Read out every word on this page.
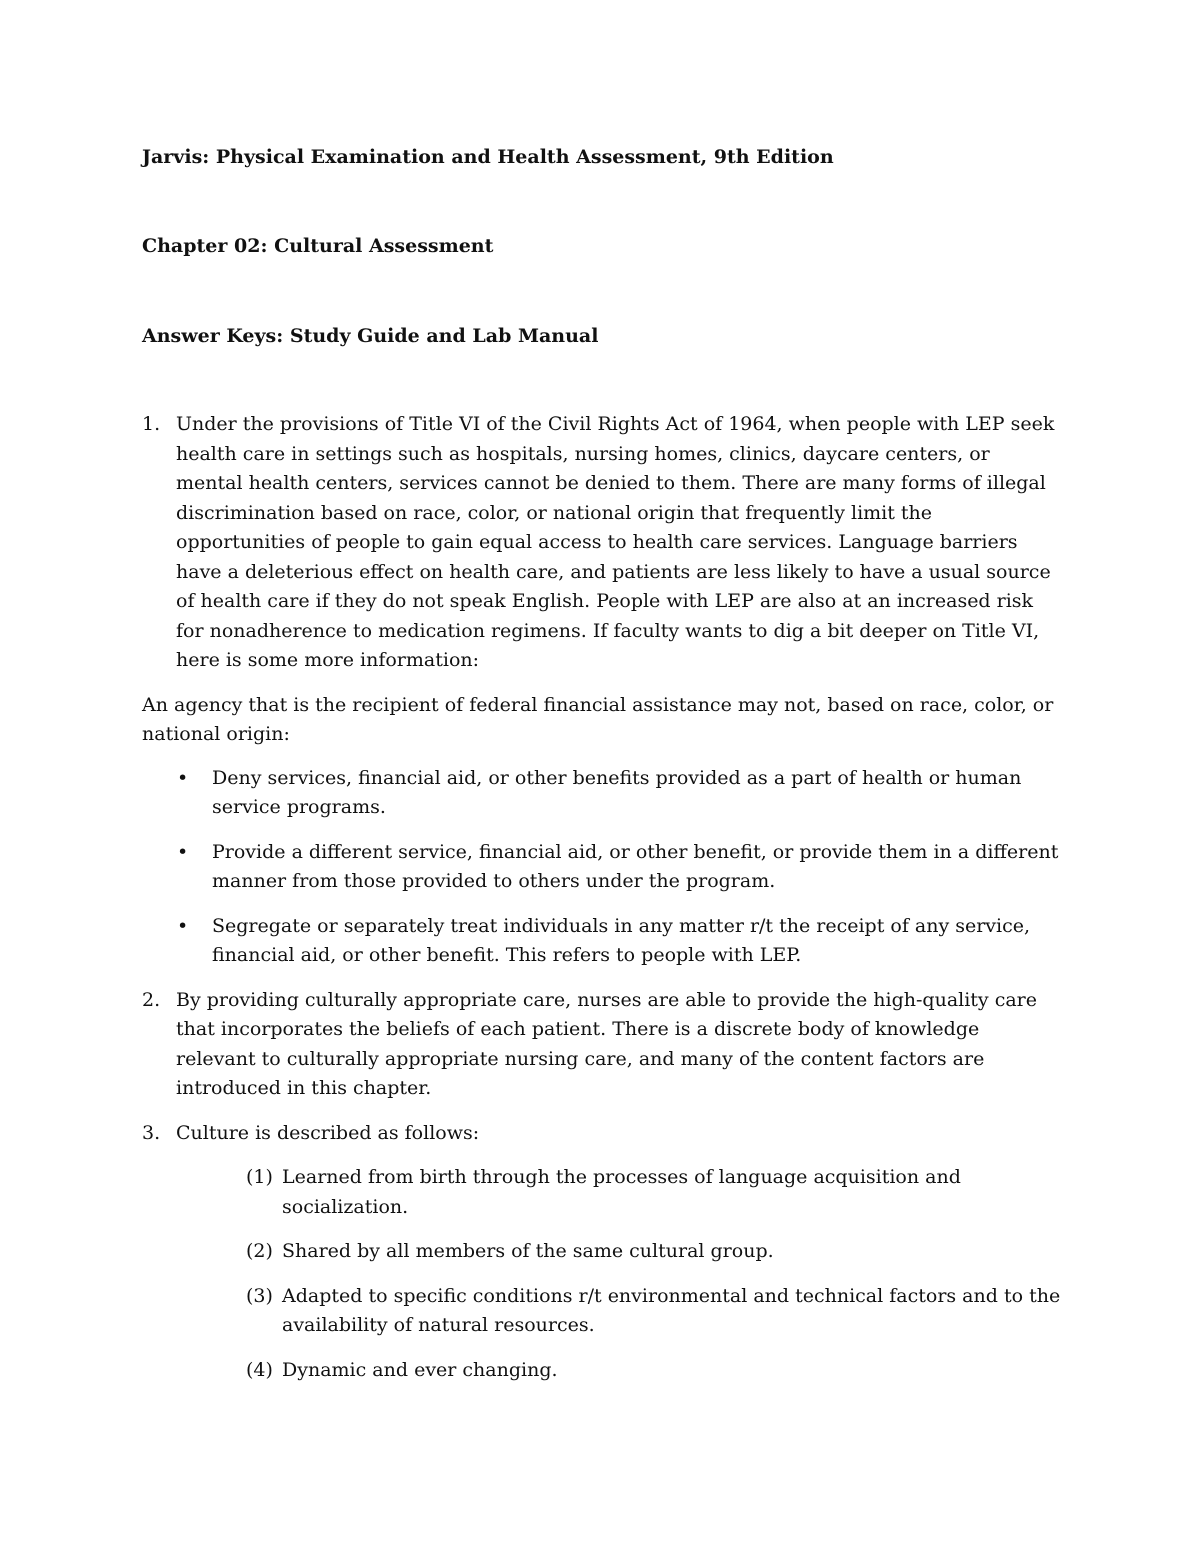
Jarvis: Physical Examination and Health Assessment, 9th Edition

Chapter 02: Cultural Assessment

Answer Keys: Study Guide and Lab Manual

1. Under the provisions of Title VI of the Civil Rights Act of 1964, when people with LEP seek health care in settings such as hospitals, nursing homes, clinics, daycare centers, or mental health centers, services cannot be denied to them. There are many forms of illegal discrimination based on race, color, or national origin that frequently limit the opportunities of people to gain equal access to health care services. Language barriers have a deleterious effect on health care, and patients are less likely to have a usual source of health care if they do not speak English. People with LEP are also at an increased risk for nonadherence to medication regimens. If faculty wants to dig a bit deeper on Title VI, here is some more information:

An agency that is the recipient of federal financial assistance may not, based on race, color, or national origin:

• Deny services, financial aid, or other benefits provided as a part of health or human service programs.
• Provide a different service, financial aid, or other benefit, or provide them in a different manner from those provided to others under the program.
• Segregate or separately treat individuals in any matter r/t the receipt of any service, financial aid, or other benefit. This refers to people with LEP.
2. By providing culturally appropriate care, nurses are able to provide the high-quality care that incorporates the beliefs of each patient. There is a discrete body of knowledge relevant to culturally appropriate nursing care, and many of the content factors are introduced in this chapter.
3. Culture is described as follows:
(1) Learned from birth through the processes of language acquisition and socialization.
(2) Shared by all members of the same cultural group.
(3) Adapted to specific conditions r/t environmental and technical factors and to the availability of natural resources.
(4) Dynamic and ever changing.
